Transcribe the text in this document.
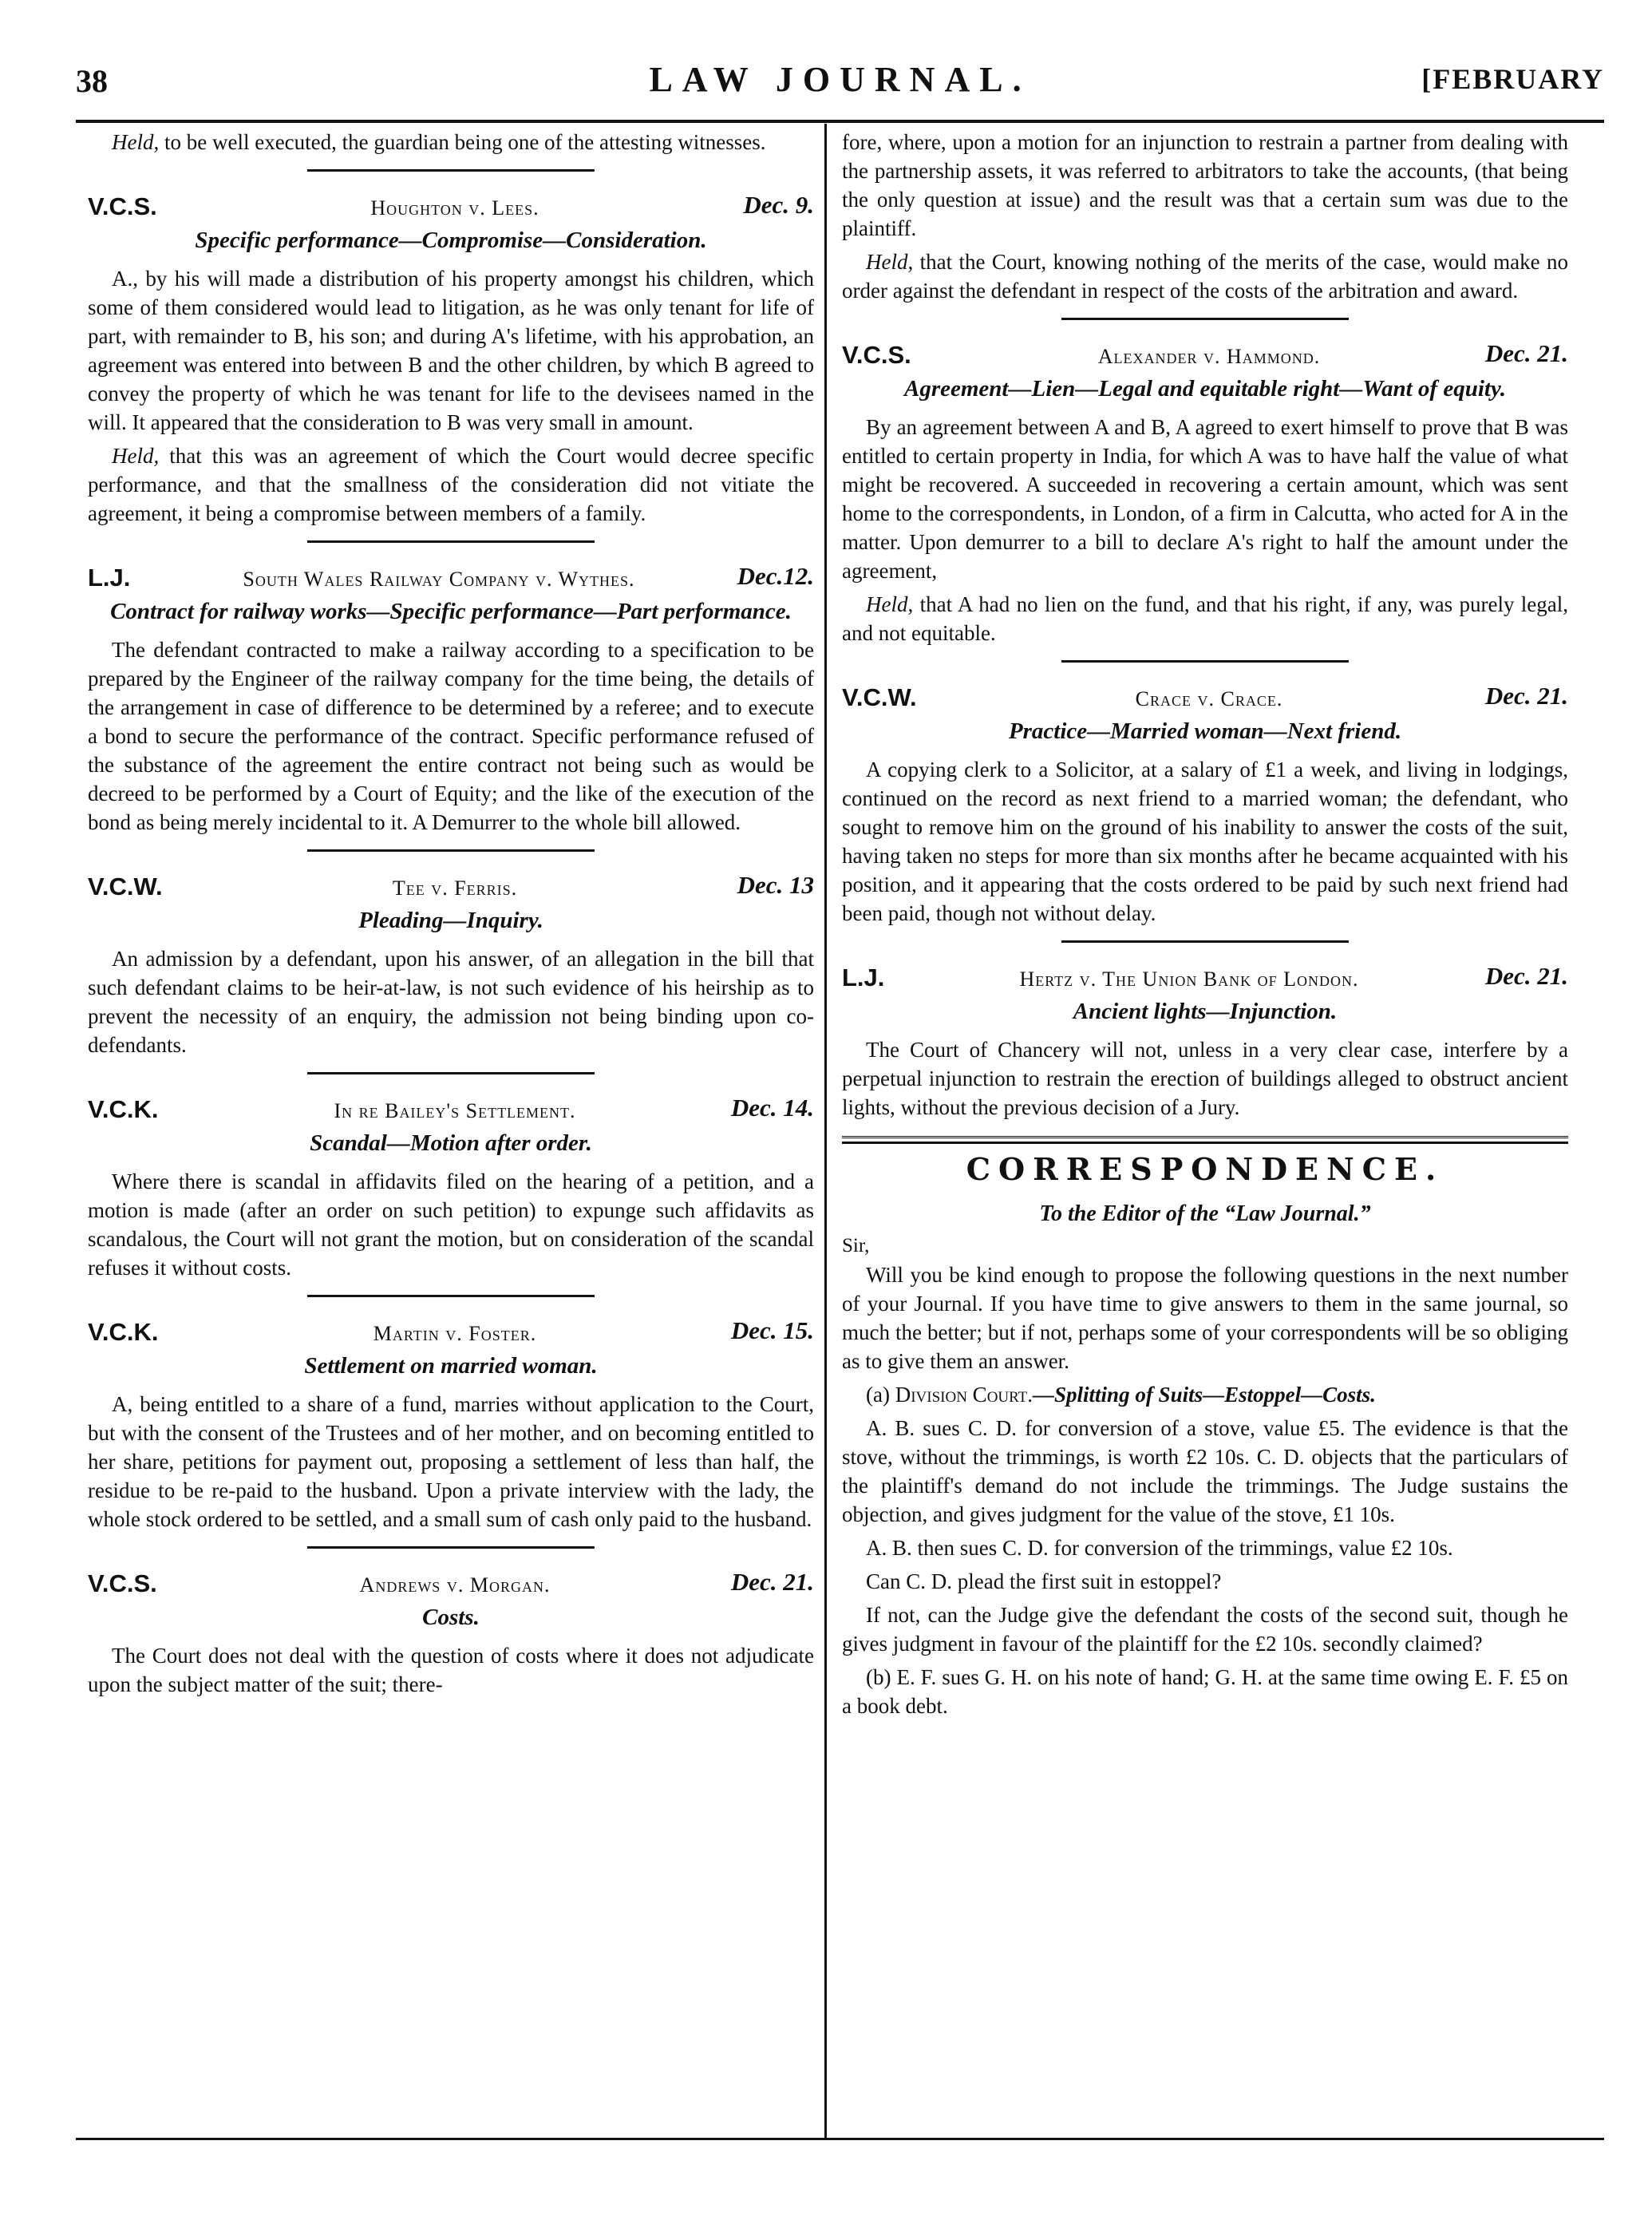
38	LAW JOURNAL.	[FEBRUARY

Held, to be well executed, the guardian being one of the attesting witnesses.

V.C.S.	Houghton v. Lees.	Dec. 9.
Specific performance—Compromise—Consideration.

A., by his will made a distribution of his property amongst his children, which some of them considered would lead to litigation, as he was only tenant for life of part, with remainder to B, his son; and during A's lifetime, with his approbation, an agreement was entered into between B and the other children, by which B agreed to convey the property of which he was tenant for life to the devisees named in the will. It appeared that the consideration to B was very small in amount.

Held, that this was an agreement of which the Court would decree specific performance, and that the smallness of the consideration did not vitiate the agreement, it being a compromise between members of a family.

L.J.	South Wales Railway Company v. Wythes.	Dec.12.
Contract for railway works—Specific performance—Part performance.

The defendant contracted to make a railway according to a specification to be prepared by the Engineer of the railway company for the time being, the details of the arrangement in case of difference to be determined by a referee; and to execute a bond to secure the performance of the contract. Specific performance refused of the substance of the agreement the entire contract not being such as would be decreed to be performed by a Court of Equity; and the like of the execution of the bond as being merely incidental to it. A Demurrer to the whole bill allowed.

V.C.W.	Tee v. Ferris.	Dec. 13
Pleading—Inquiry.

An admission by a defendant, upon his answer, of an allegation in the bill that such defendant claims to be heir-at-law, is not such evidence of his heirship as to prevent the necessity of an enquiry, the admission not being binding upon co-defendants.

V.C.K.	In re Bailey's Settlement.	Dec. 14.
Scandal—Motion after order.

Where there is scandal in affidavits filed on the hearing of a petition, and a motion is made (after an order on such petition) to expunge such affidavits as scandalous, the Court will not grant the motion, but on consideration of the scandal refuses it without costs.

V.C.K.	Martin v. Foster.	Dec. 15.
Settlement on married woman.

A, being entitled to a share of a fund, marries without application to the Court, but with the consent of the Trustees and of her mother, and on becoming entitled to her share, petitions for payment out, proposing a settlement of less than half, the residue to be re-paid to the husband. Upon a private interview with the lady, the whole stock ordered to be settled, and a small sum of cash only paid to the husband.

V.C.S.	Andrews v. Morgan.	Dec. 21.
Costs.

The Court does not deal with the question of costs where it does not adjudicate upon the subject matter of the suit; there-

fore, where, upon a motion for an injunction to restrain a partner from dealing with the partnership assets, it was referred to arbitrators to take the accounts, (that being the only question at issue) and the result was that a certain sum was due to the plaintiff.

Held, that the Court, knowing nothing of the merits of the case, would make no order against the defendant in respect of the costs of the arbitration and award.

V.C.S.	Alexander v. Hammond.	Dec. 21.
Agreement—Lien—Legal and equitable right—Want of equity.

By an agreement between A and B, A agreed to exert himself to prove that B was entitled to certain property in India, for which A was to have half the value of what might be recovered. A succeeded in recovering a certain amount, which was sent home to the correspondents, in London, of a firm in Calcutta, who acted for A in the matter. Upon demurrer to a bill to declare A's right to half the amount under the agreement,

Held, that A had no lien on the fund, and that his right, if any, was purely legal, and not equitable.

V.C.W.	Crace v. Crace.	Dec. 21.
Practice—Married woman—Next friend.

A copying clerk to a Solicitor, at a salary of £1 a week, and living in lodgings, continued on the record as next friend to a married woman; the defendant, who sought to remove him on the ground of his inability to answer the costs of the suit, having taken no steps for more than six months after he became acquainted with his position, and it appearing that the costs ordered to be paid by such next friend had been paid, though not without delay.

L.J.	Hertz v. The Union Bank of London.	Dec. 21.
Ancient lights—Injunction.

The Court of Chancery will not, unless in a very clear case, interfere by a perpetual injunction to restrain the erection of buildings alleged to obstruct ancient lights, without the previous decision of a Jury.

CORRESPONDENCE.
To the Editor of the “Law Journal.”

Sir,

Will you be kind enough to propose the following questions in the next number of your Journal. If you have time to give answers to them in the same journal, so much the better; but if not, perhaps some of your correspondents will be so obliging as to give them an answer.

(a) Division Court.—Splitting of Suits—Estoppel—Costs.

A. B. sues C. D. for conversion of a stove, value £5. The evidence is that the stove, without the trimmings, is worth £2 10s. C. D. objects that the particulars of the plaintiff's demand do not include the trimmings. The Judge sustains the objection, and gives judgment for the value of the stove, £1 10s.

A. B. then sues C. D. for conversion of the trimmings, value £2 10s.

Can C. D. plead the first suit in estoppel?

If not, can the Judge give the defendant the costs of the second suit, though he gives judgment in favour of the plaintiff for the £2 10s. secondly claimed?

(b) E. F. sues G. H. on his note of hand; G. H. at the same time owing E. F. £5 on a book debt.
